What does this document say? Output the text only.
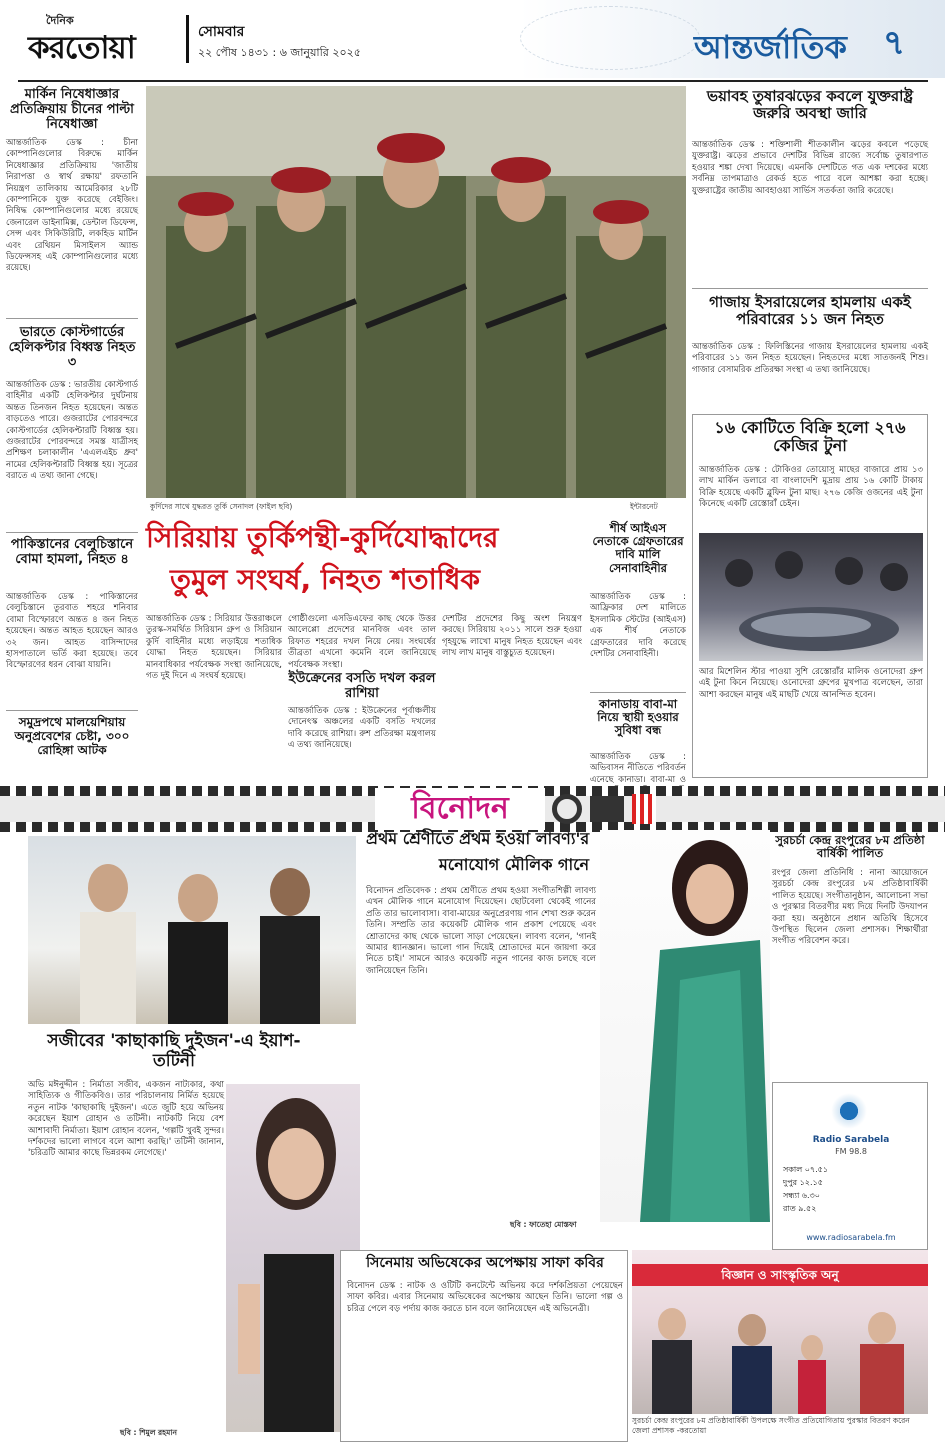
দৈনিক
করতোয়া	সোমবার
২২ পৌষ ১৪৩১ : ৬ জানুয়ারি ২০২৫	আন্তর্জাতিক	৭
মার্কিন নিষেধাজ্ঞার প্রতিক্রিয়ায় চীনের পাল্টা নিষেধাজ্ঞা
আন্তর্জাতিক ডেস্ক : চীনা কোম্পানিগুলোর বিরুদ্ধে মার্কিন নিষেধাজ্ঞার প্রতিক্রিয়ায় 'জাতীয় নিরাপত্তা ও স্বার্থ রক্ষায়' রফতানি নিয়ন্ত্রণ তালিকায় আমেরিকার ২৮টি কোম্পানিকে যুক্ত করেছে বেইজিং। নিষিদ্ধ কোম্পানিগুলোর মধ্যে রয়েছে জেনারেল ডাইনামিক্স, ডেন্টাল ডিফেন্স, সেন্স এবং সিকিউরিটি, লকহিড মার্টিন এবং রেথিয়ন মিসাইলস অ্যান্ড ডিফেন্সসহ এই কোম্পানিগুলোর মধ্যে রয়েছে।
ভারতে কোস্টগার্ডের হেলিকপ্টার বিধ্বস্ত নিহত ৩
আন্তর্জাতিক ডেস্ক : ভারতীয় কোস্টগার্ড বাহিনীর একটি হেলিকপ্টার দুর্ঘটনায় অন্তত তিনজন নিহত হয়েছেন। অন্তত বাড়তেও পারে। গুজরাটের পোরবন্দরে কোস্টগার্ডের হেলিকপ্টারটি বিধ্বস্ত হয়। গুজরাটের পোরবন্দরে সমস্ত যাত্রীসহ প্রশিক্ষণ চলাকালীন 'এএলএইচ ধ্রুব' নামের হেলিকপ্টারটি বিধ্বস্ত হয়। সূত্রের বরাতে এ তথ্য জানা গেছে।
পাকিস্তানের বেলুচিস্তানে বোমা হামলা, নিহত ৪
আন্তর্জাতিক ডেস্ক : পাকিস্তানের বেলুচিস্তানে তুরবাত শহরে শনিবার বোমা বিস্ফোরণে অন্তত ৪ জন নিহত হয়েছেন। অন্তত আহত হয়েছেন আরও ৩২ জন। আহত বাসিন্দাদের হাসপাতালে ভর্তি করা হয়েছে। তবে বিস্ফোরণের ধরন বোঝা যায়নি।
সমুদ্রপথে মালয়েশিয়ায় অনুপ্রবেশের চেষ্টা, ৩০০ রোহিঙ্গা আটক
কুর্দিদের সাথে যুদ্ধরত তুর্কি সেনাদল (ফাইল ছবি)	ইন্টারনেট
ভয়াবহ তুষারঝড়ের কবলে যুক্তরাষ্ট্র জরুরি অবস্থা জারি
আন্তর্জাতিক ডেস্ক : শক্তিশালী শীতকালীন ঝড়ের কবলে পড়েছে যুক্তরাষ্ট্র। ঝড়ের প্রভাবে দেশটির বিভিন্ন রাজ্যে সর্বোচ্চ তুষারপাত হওয়ার শঙ্কা দেখা দিয়েছে। এমনকি দেশটিতে গত এক দশকের মধ্যে সর্বনিম্ন তাপমাত্রাও রেকর্ড হতে পারে বলে আশঙ্কা করা হচ্ছে। যুক্তরাষ্ট্রের জাতীয় আবহাওয়া সার্ভিস সতর্কতা জারি করেছে।
গাজায় ইসরায়েলের হামলায় একই পরিবারের ১১ জন নিহত
আন্তর্জাতিক ডেস্ক : ফিলিস্তিনের গাজায় ইসরায়েলের হামলায় একই পরিবারের ১১ জন নিহত হয়েছেন। নিহতদের মধ্যে সাতজনই শিশু। গাজার বেসামরিক প্রতিরক্ষা সংস্থা এ তথ্য জানিয়েছে।
১৬ কোটিতে বিক্রি হলো ২৭৬ কেজির টুনা
আন্তর্জাতিক ডেস্ক : টোকিওর তোয়োসু মাছের বাজারে প্রায় ১৩ লাখ মার্কিন ডলারে বা বাংলাদেশি মুদ্রায় প্রায় ১৬ কোটি টাকায় বিক্রি হয়েছে একটি ব্লুফিন টুনা মাছ। ২৭৬ কেজি ওজনের এই টুনা কিনেছে একটি রেস্তোরাঁ চেইন।
আর মিশেলিন স্টার পাওয়া সুশি রেস্তোরাঁর মালিক ওনোদেরা গ্রুপ এই টুনা কিনে নিয়েছে। ওনোদেরা গ্রুপের মুখপাত্র বলেছেন, তারা আশা করছেন মানুষ এই মাছটি খেয়ে আনন্দিত হবেন।
সিরিয়ায় তুর্কিপন্থী-কুর্দিযোদ্ধাদের
তুমুল সংঘর্ষ, নিহত শতাধিক
আন্তর্জাতিক ডেস্ক : সিরিয়ার উত্তরাঞ্চলে তুরস্ক-সমর্থিত সিরিয়ান গ্রুপ ও সিরিয়ান কুর্দি বাহিনীর মধ্যে লড়াইয়ে শতাধিক যোদ্ধা নিহত হয়েছেন। সিরিয়ার মানবাধিকার পর্যবেক্ষক সংস্থা জানিয়েছে, গত দুই দিনে এ সংঘর্ষ হয়েছে।
গোষ্ঠীগুলো এসডিএফের কাছ থেকে উত্তর আলেপ্পো প্রদেশের মানবিজ এবং তাল রিফাত শহরের দখল নিয়ে নেয়। সংঘর্ষের তীব্রতা এখনো কমেনি বলে জানিয়েছে পর্যবেক্ষক সংস্থা।
ইউক্রেনের বসতি দখল করল রাশিয়া
আন্তর্জাতিক ডেস্ক : ইউক্রেনের পূর্বাঞ্চলীয় দোনেৎস্ক অঞ্চলের একটি বসতি দখলের দাবি করেছে রাশিয়া। রুশ প্রতিরক্ষা মন্ত্রণালয় এ তথ্য জানিয়েছে।
দেশটির প্রদেশের কিছু অংশ নিয়ন্ত্রণ করছে। সিরিয়ায় ২০১১ সালে শুরু হওয়া গৃহযুদ্ধে লাখো মানুষ নিহত হয়েছেন এবং লাখ লাখ মানুষ বাস্তুচ্যুত হয়েছেন।
শীর্ষ আইএস নেতাকে গ্রেফতারের দাবি মালি সেনাবাহিনীর
আন্তর্জাতিক ডেস্ক : আফ্রিকার দেশ মালিতে ইসলামিক স্টেটের (আইএস) এক শীর্ষ নেতাকে গ্রেফতারের দাবি করেছে দেশটির সেনাবাহিনী।
কানাডায় বাবা-মা নিয়ে স্থায়ী হওয়ার সুবিধা বন্ধ
আন্তর্জাতিক ডেস্ক : অভিবাসন নীতিতে পরিবর্তন এনেছে কানাডা। বাবা-মা ও
বিনোদন
সজীবের 'কাছাকাছি দুইজন'-এ ইয়াশ-তটিনী
অভি মঈনুদ্দীন : নির্মাতা সজীব, একজন নাট্যকার, কথা সাহিত্যিক ও গীতিকবিও। তার পরিচালনায় নির্মিত হয়েছে নতুন নাটক 'কাছাকাছি দুইজন'। এতে জুটি হয়ে অভিনয় করেছেন ইয়াশ রোহান ও তটিনী। নাটকটি নিয়ে বেশ আশাবাদী নির্মাতা। ইয়াশ রোহান বলেন, 'গল্পটি খুবই সুন্দর। দর্শকদের ভালো লাগবে বলে আশা করছি।' তটিনী জানান, 'চরিত্রটি আমার কাছে ভিন্নরকম লেগেছে।'
ছবি : শিমুল রহমান
প্রথম শ্রেণীতে প্রথম হওয়া লাবণ্য'র
মনোযোগ মৌলিক গানে
বিনোদন প্রতিবেদক : প্রথম শ্রেণীতে প্রথম হওয়া সংগীতশিল্পী লাবণ্য এখন মৌলিক গানে মনোযোগ দিয়েছেন। ছোটবেলা থেকেই গানের প্রতি তার ভালোবাসা। বাবা-মায়ের অনুপ্রেরণায় গান শেখা শুরু করেন তিনি। সম্প্রতি তার কয়েকটি মৌলিক গান প্রকাশ পেয়েছে এবং শ্রোতাদের কাছ থেকে ভালো সাড়া পেয়েছেন। লাবণ্য বলেন, 'গানই আমার ধ্যানজ্ঞান। ভালো গান দিয়েই শ্রোতাদের মনে জায়গা করে নিতে চাই।' সামনে আরও কয়েকটি নতুন গানের কাজ চলছে বলে জানিয়েছেন তিনি।
ছবি : ফাতেহা মোস্তফা
সুরচর্চা কেন্দ্র রংপুরের ৮ম প্রতিষ্ঠা বার্ষিকী পালিত
রংপুর জেলা প্রতিনিধি : নানা আয়োজনে সুরচর্চা কেন্দ্র রংপুরের ৮ম প্রতিষ্ঠাবার্ষিকী পালিত হয়েছে। সংগীতানুষ্ঠান, আলোচনা সভা ও পুরস্কার বিতরণীর মধ্য দিয়ে দিনটি উদযাপন করা হয়। অনুষ্ঠানে প্রধান অতিথি হিসেবে উপস্থিত ছিলেন জেলা প্রশাসক। শিক্ষার্থীরা সংগীত পরিবেশন করে।
Radio Sarabela
FM 98.8
সকাল ০৭.৫১
দুপুর ১২.১৫
সন্ধ্যা ৬.৩০
রাত ৯.৫২
www.radiosarabela.fm
বিজ্ঞান ও সাংস্কৃতিক অনু
সুরচর্চা কেন্দ্র রংপুরের ৮ম প্রতিষ্ঠাবার্ষিকী উপলক্ষে সংগীত প্রতিযোগিতায় পুরস্কার বিতরণ করেন জেলা প্রশাসক -করতোয়া
সিনেমায় অভিষেকের অপেক্ষায় সাফা কবির
বিনোদন ডেস্ক : নাটক ও ওটিটি কনটেন্টে অভিনয় করে দর্শকপ্রিয়তা পেয়েছেন সাফা কবির। এবার সিনেমায় অভিষেকের অপেক্ষায় আছেন তিনি। ভালো গল্প ও চরিত্র পেলে বড় পর্দায় কাজ করতে চান বলে জানিয়েছেন এই অভিনেত্রী।
